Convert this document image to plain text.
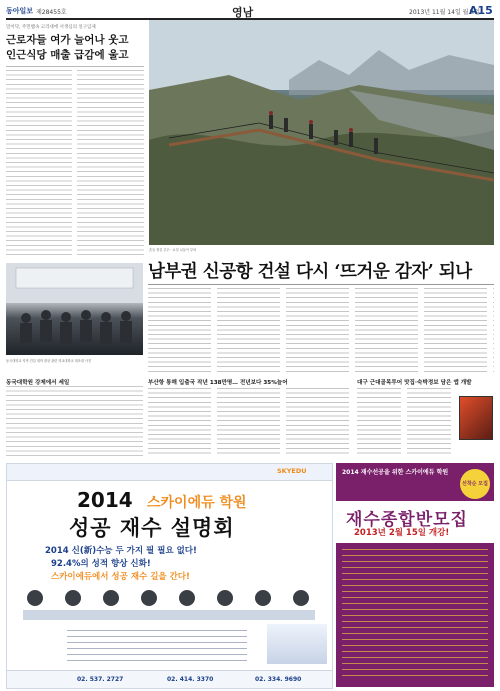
동아일보 제28455호	영남	2013년 11월 14일 월요일
A15
밀어닥, 주민쌤속 고리대에 서생심의 일구입제
근로자들 여가 늘어나 웃고
인근식당 매출 급감에 울고
흔들 정감 추우·· 요일 나들이 부처
남부권 신공항 건설 다시 ‘뜨거운 감자’ 되나
동국대학교 지역 건설 대학 대상 관련 학교대학교 대조대 사진
동국대학원 강제에서 세일	부산항 통해 입출국 작년 138만명… 전년보다 35%늘어	대구 근대골목투어 맛집·숙박정보 담은 앱 개발
SKYEDU
2014 스카이에듀 학원
성공 재수 설명회
2014 신(新)수능 두 가지 필 필요 없다!
92.4%의 성적 향상 신화!
스카이에듀에서 성공 재수 길을 간다!
02. 537. 2727	02. 414. 3370	02. 334. 9690
2014 재수선공을 위한 스카이에듀 학원
선착순 모집
재수종합반모집
2013년 2월 15일 개강!
